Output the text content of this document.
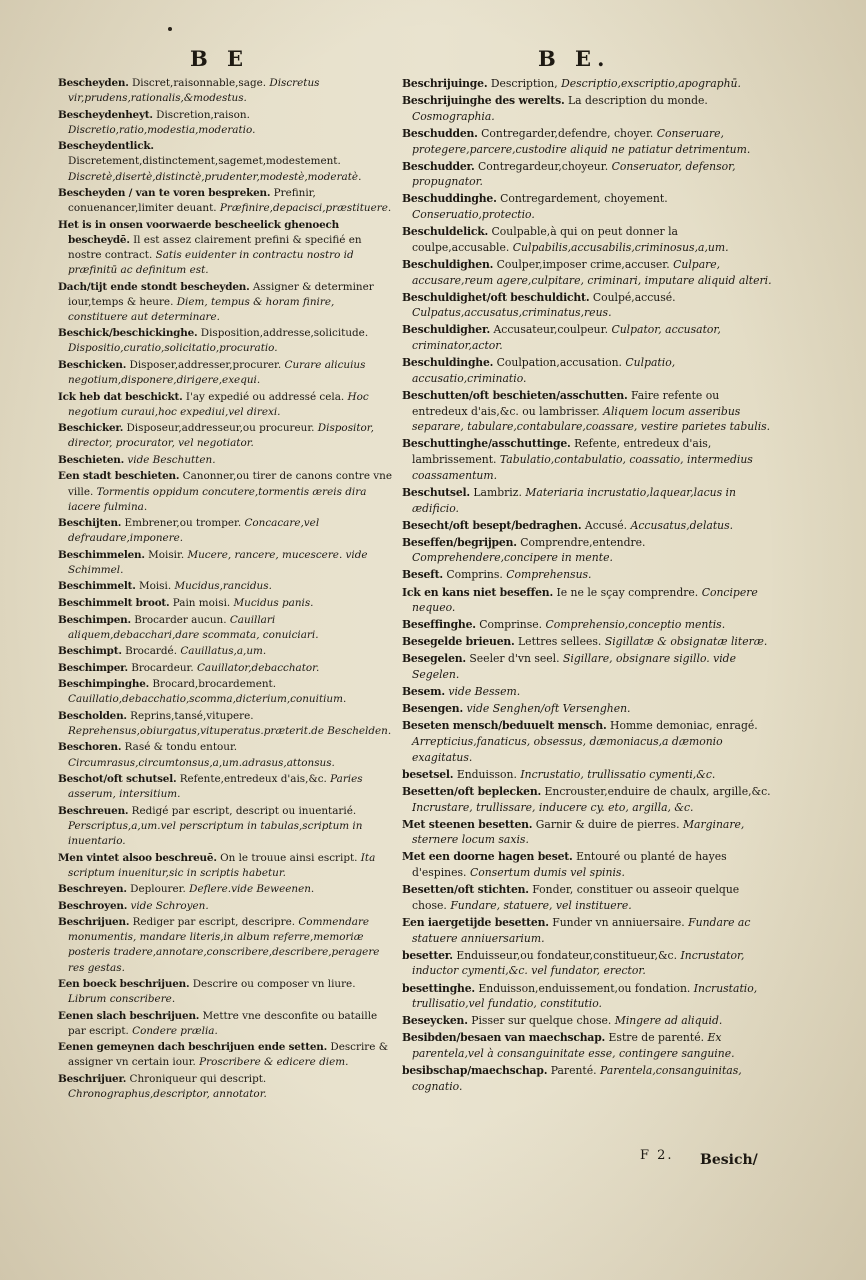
B E	B E.
Bescheyden. Discret,raisonnable,sage. Discretus vir,prudens,rationalis,&modestus.
Bescheydenheyt. Discretion,raison. Discretio,ratio,modestia,moderatio.
Bescheydentlick. Discretement,distinctement,sagemet,modestement. Discretè,disertè,distinctè,prudenter,modestè,moderatè.
Bescheyden / van te voren bespreken. Prefinir, conuenancer,limiter deuant. Præfinire,depacisci,præstituere.
Het is in onsen voorwaerde bescheelick ghenoech bescheydē. Il est assez clairement prefini & specifié en nostre contract. Satis euidenter in contractu nostro id præfinitū ac definitum est.
Dach/tijt ende stondt bescheyden. Assigner & determiner iour,temps & heure. Diem, tempus & horam finire, constituere aut determinare.
Beschick/beschickinghe. Disposition,addresse,solicitude. Dispositio,curatio,solicitatio,procuratio.
Beschicken. Disposer,addresser,procurer. Curare alicuius negotium,disponere,dirigere,exequi.
Ick heb dat beschickt. I'ay expedié ou addressé cela. Hoc negotium curaui,hoc expediui,vel direxi.
Beschicker. Disposeur,addresseur,ou procureur. Dispositor, director, procurator, vel negotiator.
Beschieten. vide Beschutten.
Een stadt beschieten. Canonner,ou tirer de canons contre vne ville. Tormentis oppidum concutere,tormentis æreis dira iacere fulmina.
Beschijten. Embrener,ou tromper. Concacare,vel defraudare,imponere.
Beschimmelen. Moisir. Mucere, rancere, mucescere. vide Schimmel.
Beschimmelt. Moisi. Mucidus,rancidus.
Beschimmelt broot. Pain moisi. Mucidus panis.
Beschimpen. Brocarder aucun. Cauillari aliquem,debacchari,dare scommata, conuiciari.
Beschimpt. Brocardé. Cauillatus,a,um.
Beschimper. Brocardeur. Cauillator,debacchator.
Beschimpinghe. Brocard,brocardement. Cauillatio,debacchatio,scomma,dicterium,conuitium.
Bescholden. Reprins,tansé,vitupere. Reprehensus,obiurgatus,vituperatus.præterit.de Beschelden.
Beschoren. Rasé & tondu entour. Circumrasus,circumtonsus,a,um.adrasus,attonsus.
Beschot/oft schutsel. Refente,entredeux d'ais,&c. Paries asserum, intersitium.
Beschreuen. Redigé par escript, descript ou inuentarié. Perscriptus,a,um.vel perscriptum in tabulas,scriptum in inuentario.
Men vintet alsoo beschreuē. On le trouue ainsi escript. Ita scriptum inuenitur,sic in scriptis habetur.
Beschreyen. Deplourer. Deflere.vide Beweenen.
Beschroyen. vide Schroyen.
Beschrijuen. Rediger par escript, descripre. Commendare monumentis, mandare literis,in album referre,memoriæ posteris tradere,annotare,conscribere,describere,peragere res gestas.
Een boeck beschrijuen. Descrire ou composer vn liure. Librum conscribere.
Eenen slach beschrijuen. Mettre vne desconfite ou bataille par escript. Condere prælia.
Eenen gemeynen dach beschrijuen ende setten. Descrire & assigner vn certain iour. Proscribere & edicere diem.
Beschrijuer. Chroniqueur qui descript. Chronographus,descriptor, annotator.
Beschrijuinge. Description, Descriptio,exscriptio,apographū.
Beschrijuinghe des werelts. La description du monde. Cosmographia.
Beschudden. Contregarder,defendre, choyer. Conseruare, protegere,parcere,custodire aliquid ne patiatur detrimentum.
Beschudder. Contregardeur,choyeur. Conseruator, defensor, propugnator.
Beschuddinghe. Contregardement, choyement. Conseruatio,protectio.
Beschuldelick. Coulpable,à qui on peut donner la coulpe,accusable. Culpabilis,accusabilis,criminosus,a,um.
Beschuldighen. Coulper,imposer crime,accuser. Culpare, accusare,reum agere,culpitare, criminari, imputare aliquid alteri.
Beschuldighet/oft beschuldicht. Coulpé,accusé. Culpatus,accusatus,criminatus,reus.
Beschuldigher. Accusateur,coulpeur. Culpator, accusator, criminator,actor.
Beschuldinghe. Coulpation,accusation. Culpatio, accusatio,criminatio.
Beschutten/oft beschieten/asschutten. Faire refente ou entredeux d'ais,&c. ou lambrisser. Aliquem locum asseribus separare, tabulare,contabulare,coassare, vestire parietes tabulis.
Beschuttinghe/asschuttinge. Refente, entredeux d'ais, lambrissement. Tabulatio,contabulatio, coassatio, intermedius coassamentum.
Beschutsel. Lambriz. Materiaria incrustatio,laquear,lacus in ædificio.
Besecht/oft besept/bedraghen. Accusé. Accusatus,delatus.
Beseffen/begrijpen. Comprendre,entendre. Comprehendere,concipere in mente.
Beseft. Comprins. Comprehensus.
Ick en kans niet beseffen. Ie ne le sçay comprendre. Concipere nequeo.
Beseffinghe. Comprinse. Comprehensio,conceptio mentis.
Besegelde brieuen. Lettres sellees. Sigillatæ & obsignatæ literæ.
Besegelen. Seeler d'vn seel. Sigillare, obsignare sigillo. vide Segelen.
Besem. vide Bessem.
Besengen. vide Senghen/oft Versenghen.
Beseten mensch/beduuelt mensch. Homme demoniac, enragé. Arrepticius,fanaticus, obsessus, dæmoniacus,a dæmonio exagitatus.
besetsel. Enduisson. Incrustatio, trullissatio cymenti,&c.
Besetten/oft beplecken. Encrouster,enduire de chaulx, argille,&c. Incrustare, trullissare, inducere cy. eto, argilla, &c.
Met steenen besetten. Garnir & duire de pierres. Marginare, sternere locum saxis.
Met een doorne hagen beset. Entouré ou planté de hayes d'espines. Consertum dumis vel spinis.
Besetten/oft stichten. Fonder, constituer ou asseoir quelque chose. Fundare, statuere, vel instituere.
Een iaergetijde besetten. Funder vn anniuersaire. Fundare ac statuere anniuersarium.
besetter. Enduisseur,ou fondateur,constitueur,&c. Incrustator, inductor cymenti,&c. vel fundator, erector.
besettinghe. Enduisson,enduissement,ou fondation. Incrustatio, trullisatio,vel fundatio, constitutio.
Beseycken. Pisser sur quelque chose. Mingere ad aliquid.
Besibden/besaen van maechschap. Estre de parenté. Ex parentela,vel à consanguinitate esse, contingere sanguine.
besibschap/maechschap. Parenté. Parentela,consanguinitas, cognatio.
F 2. Besich/
